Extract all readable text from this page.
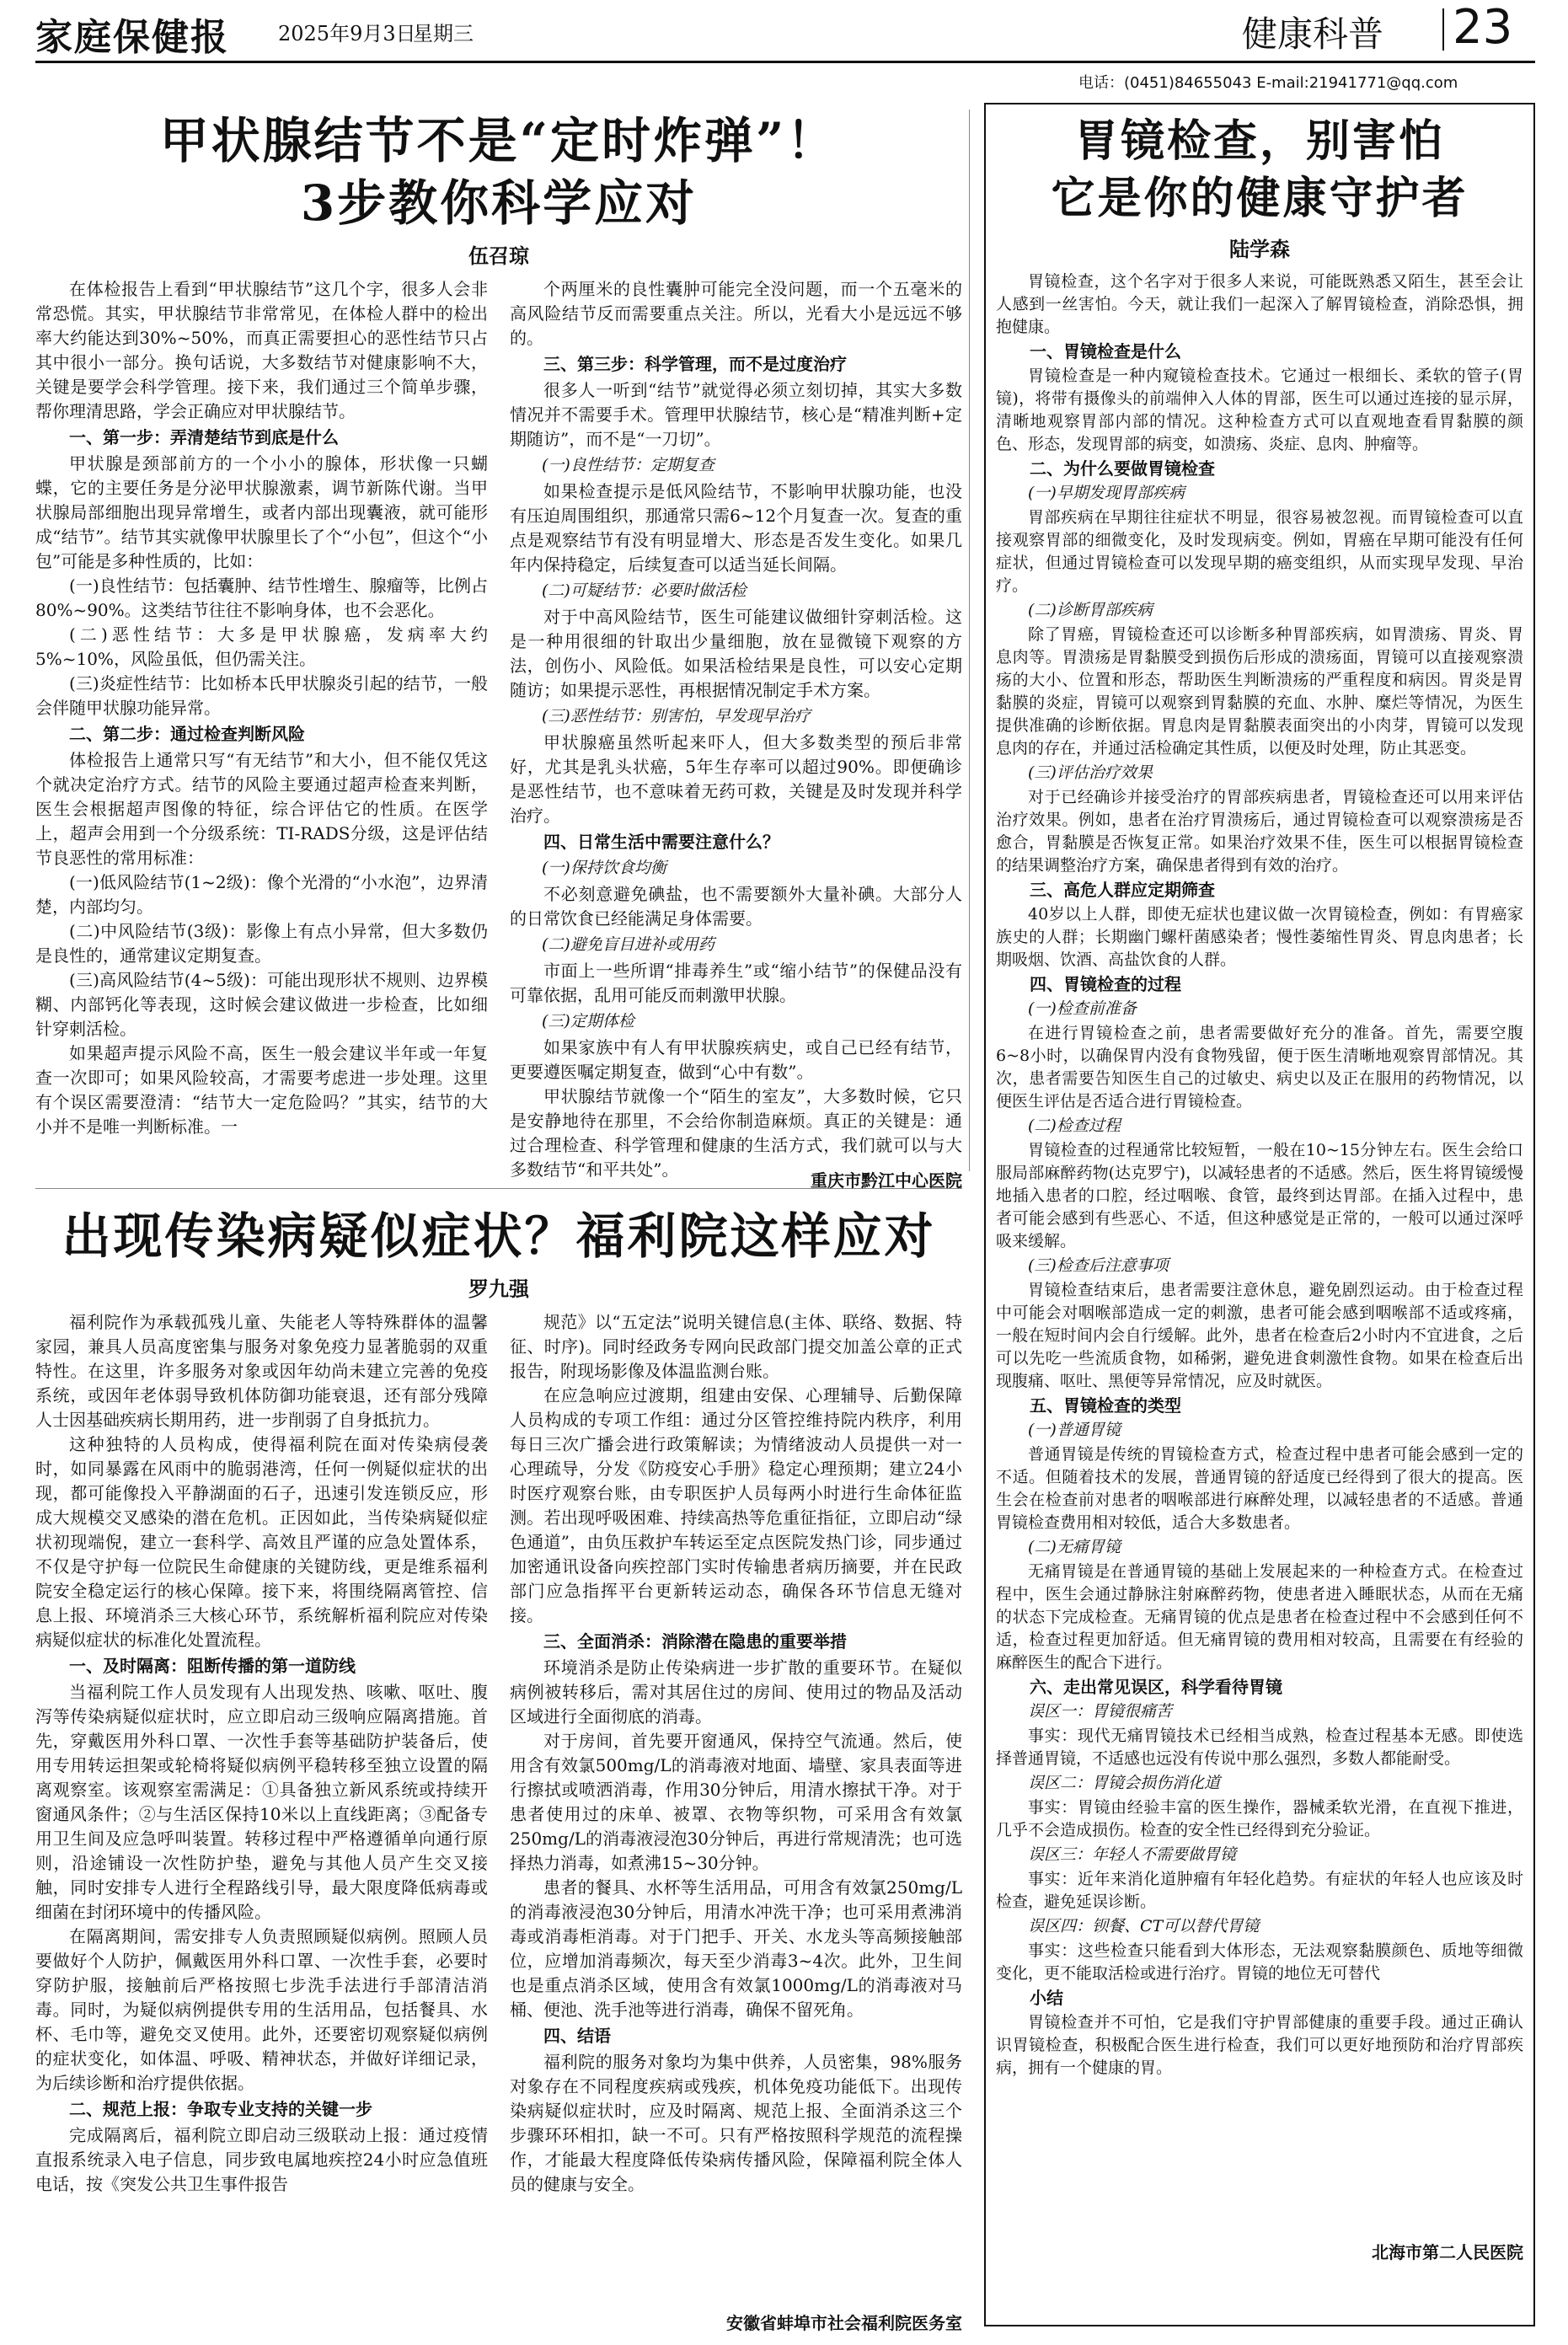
家庭保健报 2025年9月3日
星期三	健康科普 23
电话：(0451)84655043 E-mail:21941771@qq.com
甲状腺结节不是“定时炸弹”！
3步教你科学应对
伍召琼

在体检报告上看到“甲状腺结节”这几个字，很多人会非常恐慌。其实，甲状腺结节非常常见，在体检人群中的检出率大约能达到30%~50%，而真正需要担心的恶性结节只占其中很小一部分。换句话说，大多数结节对健康影响不大，关键是要学会科学管理。接下来，我们通过三个简单步骤，帮你理清思路，学会正确应对甲状腺结节。

一、第一步：弄清楚结节到底是什么

甲状腺是颈部前方的一个小小的腺体，形状像一只蝴蝶，它的主要任务是分泌甲状腺激素，调节新陈代谢。当甲状腺局部细胞出现异常增生，或者内部出现囊液，就可能形成“结节”。结节其实就像甲状腺里长了个“小包”，但这个“小包”可能是多种性质的，比如：

(一)良性结节：包括囊肿、结节性增生、腺瘤等，比例占 80%~90%。这类结节往往不影响身体，也不会恶化。

(二)恶性结节：大多是甲状腺癌，发病率大约5%~10%，风险虽低，但仍需关注。

(三)炎症性结节：比如桥本氏甲状腺炎引起的结节，一般会伴随甲状腺功能异常。

二、第二步：通过检查判断风险

体检报告上通常只写“有无结节”和大小，但不能仅凭这个就决定治疗方式。结节的风险主要通过超声检查来判断，医生会根据超声图像的特征，综合评估它的性质。在医学上，超声会用到一个分级系统：TI-RADS分级，这是评估结节良恶性的常用标准：

(一)低风险结节(1~2级)：像个光滑的“小水泡”，边界清楚，内部均匀。

(二)中风险结节(3级)：影像上有点小异常，但大多数仍是良性的，通常建议定期复查。

(三)高风险结节(4~5级)：可能出现形状不规则、边界模糊、内部钙化等表现，这时候会建议做进一步检查，比如细针穿刺活检。

如果超声提示风险不高，医生一般会建议半年或一年复查一次即可；如果风险较高，才需要考虑进一步处理。这里有个误区需要澄清：“结节大一定危险吗？”其实，结节的大小并不是唯一判断标准。一

个两厘米的良性囊肿可能完全没问题，而一个五毫米的高风险结节反而需要重点关注。所以，光看大小是远远不够的。

三、第三步：科学管理，而不是过度治疗

很多人一听到“结节”就觉得必须立刻切掉，其实大多数情况并不需要手术。管理甲状腺结节，核心是“精准判断+定期随访”，而不是“一刀切”。

(一)良性结节：定期复查

如果检查提示是低风险结节，不影响甲状腺功能，也没有压迫周围组织，那通常只需6~12个月复查一次。复查的重点是观察结节有没有明显增大、形态是否发生变化。如果几年内保持稳定，后续复查可以适当延长间隔。

(二)可疑结节：必要时做活检

对于中高风险结节，医生可能建议做细针穿刺活检。这是一种用很细的针取出少量细胞，放在显微镜下观察的方法，创伤小、风险低。如果活检结果是良性，可以安心定期随访；如果提示恶性，再根据情况制定手术方案。

(三)恶性结节：别害怕，早发现早治疗

甲状腺癌虽然听起来吓人，但大多数类型的预后非常好，尤其是乳头状癌，5年生存率可以超过90%。即便确诊是恶性结节，也不意味着无药可救，关键是及时发现并科学治疗。

四、日常生活中需要注意什么？
(一)保持饮食均衡

不必刻意避免碘盐，也不需要额外大量补碘。大部分人的日常饮食已经能满足身体需要。

(二)避免盲目进补或用药

市面上一些所谓“排毒养生”或“缩小结节”的保健品没有可靠依据，乱用可能反而刺激甲状腺。

(三)定期体检

如果家族中有人有甲状腺疾病史，或自己已经有结节，更要遵医嘱定期复查，做到“心中有数”。

甲状腺结节就像一个“陌生的室友”，大多数时候，它只是安静地待在那里，不会给你制造麻烦。真正的关键是：通过合理检查、科学管理和健康的生活方式，我们就可以与大多数结节“和平共处”。

重庆市黔江中心医院
出现传染病疑似症状？福利院这样应对
罗九强

福利院作为承载孤残儿童、失能老人等特殊群体的温馨家园，兼具人员高度密集与服务对象免疫力显著脆弱的双重特性。在这里，许多服务对象或因年幼尚未建立完善的免疫系统，或因年老体弱导致机体防御功能衰退，还有部分残障人士因基础疾病长期用药，进一步削弱了自身抵抗力。

这种独特的人员构成，使得福利院在面对传染病侵袭时，如同暴露在风雨中的脆弱港湾，任何一例疑似症状的出现，都可能像投入平静湖面的石子，迅速引发连锁反应，形成大规模交叉感染的潜在危机。正因如此，当传染病疑似症状初现端倪，建立一套科学、高效且严谨的应急处置体系，不仅是守护每一位院民生命健康的关键防线，更是维系福利院安全稳定运行的核心保障。接下来，将围绕隔离管控、信息上报、环境消杀三大核心环节，系统解析福利院应对传染病疑似症状的标准化处置流程。

一、及时隔离：阻断传播的第一道防线

当福利院工作人员发现有人出现发热、咳嗽、呕吐、腹泻等传染病疑似症状时，应立即启动三级响应隔离措施。首先，穿戴医用外科口罩、一次性手套等基础防护装备后，使用专用转运担架或轮椅将疑似病例平稳转移至独立设置的隔离观察室。该观察室需满足：①具备独立新风系统或持续开窗通风条件；②与生活区保持10米以上直线距离；③配备专用卫生间及应急呼叫装置。转移过程中严格遵循单向通行原则，沿途铺设一次性防护垫，避免与其他人员产生交叉接触，同时安排专人进行全程路线引导，最大限度降低病毒或细菌在封闭环境中的传播风险。

在隔离期间，需安排专人负责照顾疑似病例。照顾人员要做好个人防护，佩戴医用外科口罩、一次性手套，必要时穿防护服，接触前后严格按照七步洗手法进行手部清洁消毒。同时，为疑似病例提供专用的生活用品，包括餐具、水杯、毛巾等，避免交叉使用。此外，还要密切观察疑似病例的症状变化，如体温、呼吸、精神状态，并做好详细记录，为后续诊断和治疗提供依据。

二、规范上报：争取专业支持的关键一步

完成隔离后，福利院立即启动三级联动上报：通过疫情直报系统录入电子信息，同步致电属地疾控24小时应急值班电话，按《突发公共卫生事件报告

规范》以“五定法”说明关键信息(主体、联络、数据、特征、时序)。同时经政务专网向民政部门提交加盖公章的正式报告，附现场影像及体温监测台账。

在应急响应过渡期，组建由安保、心理辅导、后勤保障人员构成的专项工作组：通过分区管控维持院内秩序，利用每日三次广播会进行政策解读；为情绪波动人员提供一对一心理疏导，分发《防疫安心手册》稳定心理预期；建立24小时医疗观察台账，由专职医护人员每两小时进行生命体征监测。若出现呼吸困难、持续高热等危重征指征，立即启动“绿色通道”，由负压救护车转运至定点医院发热门诊，同步通过加密通讯设备向疾控部门实时传输患者病历摘要，并在民政部门应急指挥平台更新转运动态，确保各环节信息无缝对接。

三、全面消杀：消除潜在隐患的重要举措

环境消杀是防止传染病进一步扩散的重要环节。在疑似病例被转移后，需对其居住过的房间、使用过的物品及活动区域进行全面彻底的消毒。

对于房间，首先要开窗通风，保持空气流通。然后，使用含有效氯500mg/L的消毒液对地面、墙壁、家具表面等进行擦拭或喷洒消毒，作用30分钟后，用清水擦拭干净。对于患者使用过的床单、被罩、衣物等织物，可采用含有效氯250mg/L的消毒液浸泡30分钟后，再进行常规清洗；也可选择热力消毒，如煮沸15~30分钟。

患者的餐具、水杯等生活用品，可用含有效氯250mg/L的消毒液浸泡30分钟后，用清水冲洗干净；也可采用煮沸消毒或消毒柜消毒。对于门把手、开关、水龙头等高频接触部位，应增加消毒频次，每天至少消毒3~4次。此外，卫生间也是重点消杀区域，使用含有效氯1000mg/L的消毒液对马桶、便池、洗手池等进行消毒，确保不留死角。

四、结语

福利院的服务对象均为集中供养，人员密集，98%服务对象存在不同程度疾病或残疾，机体免疫功能低下。出现传染病疑似症状时，应及时隔离、规范上报、全面消杀这三个步骤环环相扣，缺一不可。只有严格按照科学规范的流程操作，才能最大程度降低传染病传播风险，保障福利院全体人员的健康与安全。

安徽省蚌埠市社会福利院医务室
胃镜检查，别害怕
它是你的健康守护者
陆学森

胃镜检查，这个名字对于很多人来说，可能既熟悉又陌生，甚至会让人感到一丝害怕。今天，就让我们一起深入了解胃镜检查，消除恐惧，拥抱健康。

一、胃镜检查是什么

胃镜检查是一种内窥镜检查技术。它通过一根细长、柔软的管子(胃镜)，将带有摄像头的前端伸入人体的胃部，医生可以通过连接的显示屏，清晰地观察胃部内部的情况。这种检查方式可以直观地查看胃黏膜的颜色、形态，发现胃部的病变，如溃疡、炎症、息肉、肿瘤等。

二、为什么要做胃镜检查
(一)早期发现胃部疾病

胃部疾病在早期往往症状不明显，很容易被忽视。而胃镜检查可以直接观察胃部的细微变化，及时发现病变。例如，胃癌在早期可能没有任何症状，但通过胃镜检查可以发现早期的癌变组织，从而实现早发现、早治疗。

(二)诊断胃部疾病

除了胃癌，胃镜检查还可以诊断多种胃部疾病，如胃溃疡、胃炎、胃息肉等。胃溃疡是胃黏膜受到损伤后形成的溃疡面，胃镜可以直接观察溃疡的大小、位置和形态，帮助医生判断溃疡的严重程度和病因。胃炎是胃黏膜的炎症，胃镜可以观察到胃黏膜的充血、水肿、糜烂等情况，为医生提供准确的诊断依据。胃息肉是胃黏膜表面突出的小肉芽，胃镜可以发现息肉的存在，并通过活检确定其性质，以便及时处理，防止其恶变。

(三)评估治疗效果

对于已经确诊并接受治疗的胃部疾病患者，胃镜检查还可以用来评估治疗效果。例如，患者在治疗胃溃疡后，通过胃镜检查可以观察溃疡是否愈合，胃黏膜是否恢复正常。如果治疗效果不佳，医生可以根据胃镜检查的结果调整治疗方案，确保患者得到有效的治疗。

三、高危人群应定期筛查

40岁以上人群，即使无症状也建议做一次胃镜检查，例如：有胃癌家族史的人群；长期幽门螺杆菌感染者；慢性萎缩性胃炎、胃息肉患者；长期吸烟、饮酒、高盐饮食的人群。

四、胃镜检查的过程
(一)检查前准备

在进行胃镜检查之前，患者需要做好充分的准备。首先，需要空腹6~8小时，以确保胃内没有食物残留，便于医生清晰地观察胃部情况。其次，患者需要告知医生自己的过敏史、病史以及正在服用的药物情况，以便医生评估是否适合进行胃镜检查。

(二)检查过程

胃镜检查的过程通常比较短暂，一般在10~15分钟左右。医生会给口服局部麻醉药物(达克罗宁)，以减轻患者的不适感。然后，医生将胃镜缓慢地插入患者的口腔，经过咽喉、食管，最终到达胃部。在插入过程中，患者可能会感到有些恶心、不适，但这种感觉是正常的，一般可以通过深呼吸来缓解。

(三)检查后注意事项

胃镜检查结束后，患者需要注意休息，避免剧烈运动。由于检查过程中可能会对咽喉部造成一定的刺激，患者可能会感到咽喉部不适或疼痛，一般在短时间内会自行缓解。此外，患者在检查后2小时内不宜进食，之后可以先吃一些流质食物，如稀粥，避免进食刺激性食物。如果在检查后出现腹痛、呕吐、黑便等异常情况，应及时就医。

五、胃镜检查的类型
(一)普通胃镜

普通胃镜是传统的胃镜检查方式，检查过程中患者可能会感到一定的不适。但随着技术的发展，普通胃镜的舒适度已经得到了很大的提高。医生会在检查前对患者的咽喉部进行麻醉处理，以减轻患者的不适感。普通胃镜检查费用相对较低，适合大多数患者。

(二)无痛胃镜

无痛胃镜是在普通胃镜的基础上发展起来的一种检查方式。在检查过程中，医生会通过静脉注射麻醉药物，使患者进入睡眠状态，从而在无痛的状态下完成检查。无痛胃镜的优点是患者在检查过程中不会感到任何不适，检查过程更加舒适。但无痛胃镜的费用相对较高，且需要在有经验的麻醉医生的配合下进行。

六、走出常见误区，科学看待胃镜
误区一：胃镜很痛苦

事实：现代无痛胃镜技术已经相当成熟，检查过程基本无感。即使选择普通胃镜，不适感也远没有传说中那么强烈，多数人都能耐受。

误区二：胃镜会损伤消化道

事实：胃镜由经验丰富的医生操作，器械柔软光滑，在直视下推进，几乎不会造成损伤。检查的安全性已经得到充分验证。

误区三：年轻人不需要做胃镜

事实：近年来消化道肿瘤有年轻化趋势。有症状的年轻人也应该及时检查，避免延误诊断。

误区四：钡餐、CT可以替代胃镜

事实：这些检查只能看到大体形态，无法观察黏膜颜色、质地等细微变化，更不能取活检或进行治疗。胃镜的地位无可替代

小结

胃镜检查并不可怕，它是我们守护胃部健康的重要手段。通过正确认识胃镜检查，积极配合医生进行检查，我们可以更好地预防和治疗胃部疾病，拥有一个健康的胃。

北海市第二人民医院
